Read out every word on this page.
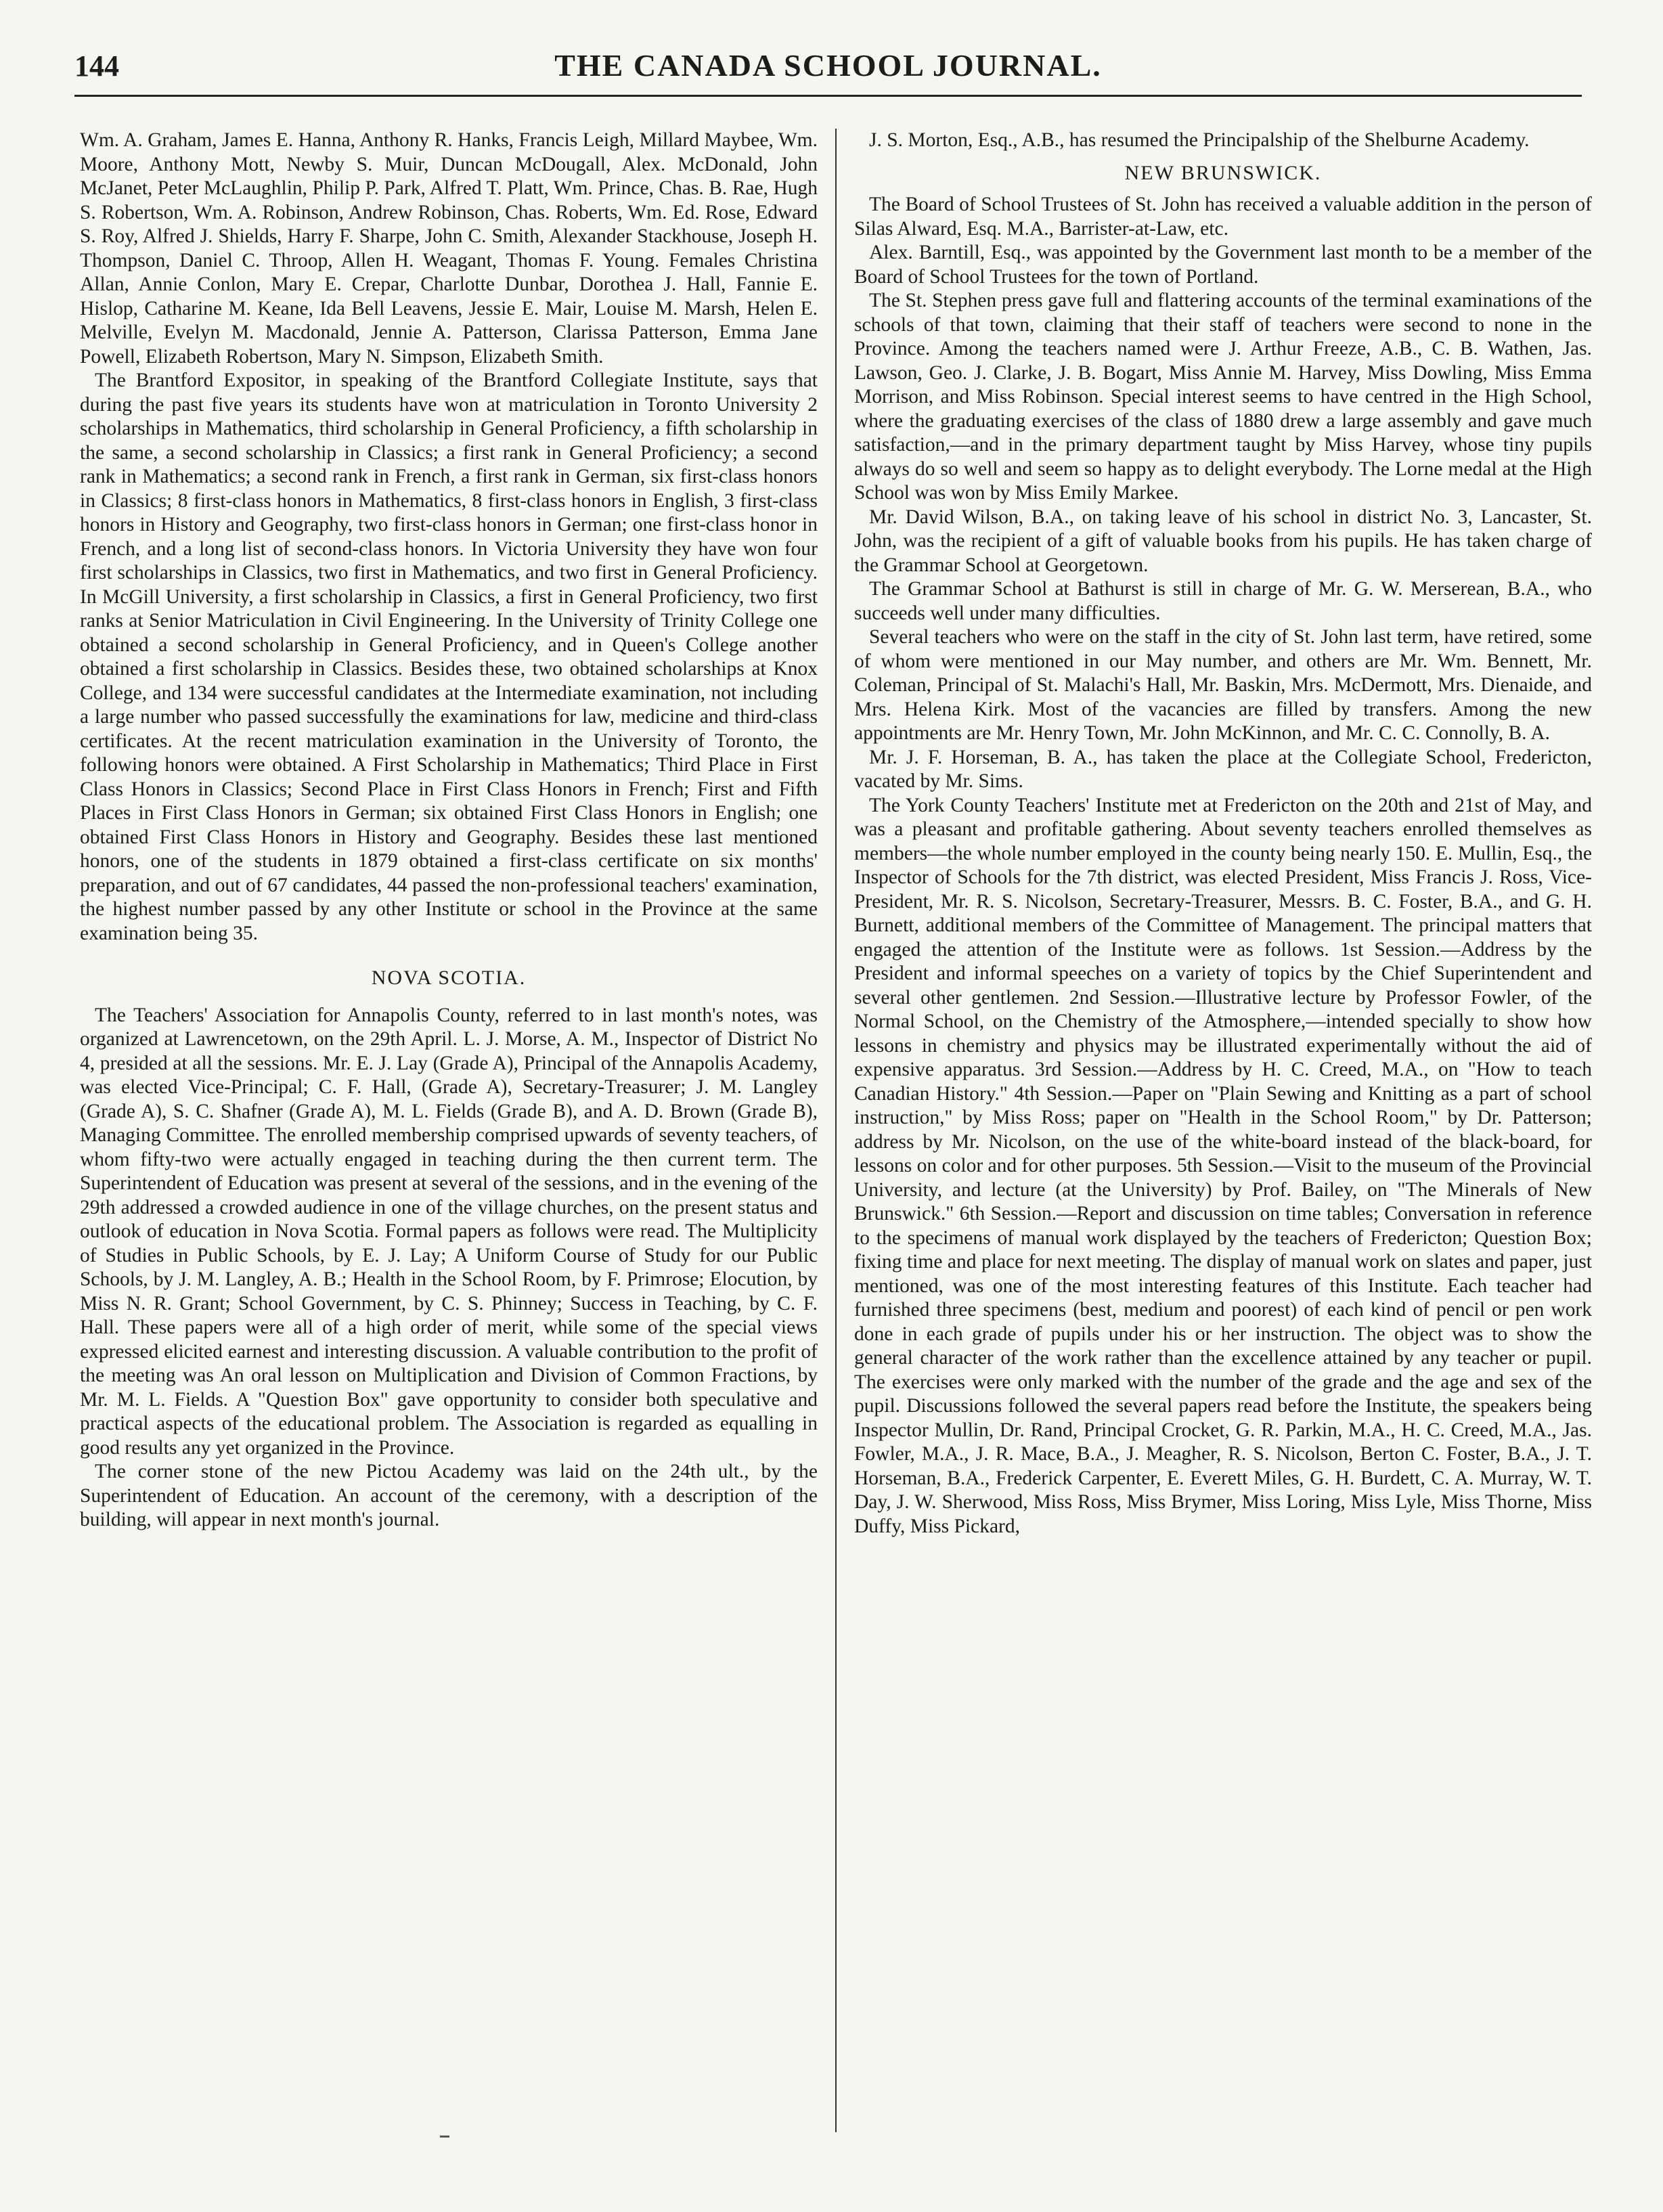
144	THE CANADA SCHOOL JOURNAL.

Wm. A. Graham, James E. Hanna, Anthony R. Hanks, Francis Leigh, Millard Maybee, Wm. Moore, Anthony Mott, Newby S. Muir, Duncan McDougall, Alex. McDonald, John McJanet, Peter McLaughlin, Philip P. Park, Alfred T. Platt, Wm. Prince, Chas. B. Rae, Hugh S. Robertson, Wm. A. Robinson, Andrew Robinson, Chas. Roberts, Wm. Ed. Rose, Edward S. Roy, Alfred J. Shields, Harry F. Sharpe, John C. Smith, Alexander Stackhouse, Joseph H. Thompson, Daniel C. Throop, Allen H. Weagant, Thomas F. Young. Females Christina Allan, Annie Conlon, Mary E. Crepar, Charlotte Dunbar, Dorothea J. Hall, Fannie E. Hislop, Catharine M. Keane, Ida Bell Leavens, Jessie E. Mair, Louise M. Marsh, Helen E. Melville, Evelyn M. Macdonald, Jennie A. Patterson, Clarissa Patterson, Emma Jane Powell, Elizabeth Robertson, Mary N. Simpson, Elizabeth Smith.

The Brantford Expositor, in speaking of the Brantford Collegiate Institute, says that during the past five years its students have won at matriculation in Toronto University 2 scholarships in Mathematics, third scholarship in General Proficiency, a fifth scholarship in the same, a second scholarship in Classics; a first rank in General Proficiency; a second rank in Mathematics; a second rank in French, a first rank in German, six first-class honors in Classics; 8 first-class honors in Mathematics, 8 first-class honors in English, 3 first-class honors in History and Geography, two first-class honors in German; one first-class honor in French, and a long list of second-class honors. In Victoria University they have won four first scholarships in Classics, two first in Mathematics, and two first in General Proficiency. In McGill University, a first scholarship in Classics, a first in General Proficiency, two first ranks at Senior Matriculation in Civil Engineering. In the University of Trinity College one obtained a second scholarship in General Proficiency, and in Queen's College another obtained a first scholarship in Classics. Besides these, two obtained scholarships at Knox College, and 134 were successful candidates at the Intermediate examination, not including a large number who passed successfully the examinations for law, medicine and third-class certificates. At the recent matriculation examination in the University of Toronto, the following honors were obtained. A First Scholarship in Mathematics; Third Place in First Class Honors in Classics; Second Place in First Class Honors in French; First and Fifth Places in First Class Honors in German; six obtained First Class Honors in English; one obtained First Class Honors in History and Geography. Besides these last mentioned honors, one of the students in 1879 obtained a first-class certificate on six months' preparation, and out of 67 candidates, 44 passed the non-professional teachers' examination, the highest number passed by any other Institute or school in the Province at the same examination being 35.

NOVA SCOTIA.

The Teachers' Association for Annapolis County, referred to in last month's notes, was organized at Lawrencetown, on the 29th April. L. J. Morse, A. M., Inspector of District No 4, presided at all the sessions. Mr. E. J. Lay (Grade A), Principal of the Annapolis Academy, was elected Vice-Principal; C. F. Hall, (Grade A), Secretary-Treasurer; J. M. Langley (Grade A), S. C. Shafner (Grade A), M. L. Fields (Grade B), and A. D. Brown (Grade B), Managing Committee. The enrolled membership comprised upwards of seventy teachers, of whom fifty-two were actually engaged in teaching during the then current term. The Superintendent of Education was present at several of the sessions, and in the evening of the 29th addressed a crowded audience in one of the village churches, on the present status and outlook of education in Nova Scotia. Formal papers as follows were read. The Multiplicity of Studies in Public Schools, by E. J. Lay; A Uniform Course of Study for our Public Schools, by J. M. Langley, A. B.; Health in the School Room, by F. Primrose; Elocution, by Miss N. R. Grant; School Government, by C. S. Phinney; Success in Teaching, by C. F. Hall. These papers were all of a high order of merit, while some of the special views expressed elicited earnest and interesting discussion. A valuable contribution to the profit of the meeting was An oral lesson on Multiplication and Division of Common Fractions, by Mr. M. L. Fields. A "Question Box" gave opportunity to consider both speculative and practical aspects of the educational problem. The Association is regarded as equalling in good results any yet organized in the Province.

The corner stone of the new Pictou Academy was laid on the 24th ult., by the Superintendent of Education. An account of the ceremony, with a description of the building, will appear in next month's journal.

J. S. Morton, Esq., A.B., has resumed the Principalship of the Shelburne Academy.

NEW BRUNSWICK.

The Board of School Trustees of St. John has received a valuable addition in the person of Silas Alward, Esq. M.A., Barrister-at-Law, etc.

Alex. Barntill, Esq., was appointed by the Government last month to be a member of the Board of School Trustees for the town of Portland.

The St. Stephen press gave full and flattering accounts of the terminal examinations of the schools of that town, claiming that their staff of teachers were second to none in the Province. Among the teachers named were J. Arthur Freeze, A.B., C. B. Wathen, Jas. Lawson, Geo. J. Clarke, J. B. Bogart, Miss Annie M. Harvey, Miss Dowling, Miss Emma Morrison, and Miss Robinson. Special interest seems to have centred in the High School, where the graduating exercises of the class of 1880 drew a large assembly and gave much satisfaction,—and in the primary department taught by Miss Harvey, whose tiny pupils always do so well and seem so happy as to delight everybody. The Lorne medal at the High School was won by Miss Emily Markee.

Mr. David Wilson, B.A., on taking leave of his school in district No. 3, Lancaster, St. John, was the recipient of a gift of valuable books from his pupils. He has taken charge of the Grammar School at Georgetown.

The Grammar School at Bathurst is still in charge of Mr. G. W. Merserean, B.A., who succeeds well under many difficulties.

Several teachers who were on the staff in the city of St. John last term, have retired, some of whom were mentioned in our May number, and others are Mr. Wm. Bennett, Mr. Coleman, Principal of St. Malachi's Hall, Mr. Baskin, Mrs. McDermott, Mrs. Dienaide, and Mrs. Helena Kirk. Most of the vacancies are filled by transfers. Among the new appointments are Mr. Henry Town, Mr. John McKinnon, and Mr. C. C. Connolly, B. A.

Mr. J. F. Horseman, B. A., has taken the place at the Collegiate School, Fredericton, vacated by Mr. Sims.

The York County Teachers' Institute met at Fredericton on the 20th and 21st of May, and was a pleasant and profitable gathering. About seventy teachers enrolled themselves as members—the whole number employed in the county being nearly 150. E. Mullin, Esq., the Inspector of Schools for the 7th district, was elected President, Miss Francis J. Ross, Vice-President, Mr. R. S. Nicolson, Secretary-Treasurer, Messrs. B. C. Foster, B.A., and G. H. Burnett, additional members of the Committee of Management. The principal matters that engaged the attention of the Institute were as follows. 1st Session.—Address by the President and informal speeches on a variety of topics by the Chief Superintendent and several other gentlemen. 2nd Session.—Illustrative lecture by Professor Fowler, of the Normal School, on the Chemistry of the Atmosphere,—intended specially to show how lessons in chemistry and physics may be illustrated experimentally without the aid of expensive apparatus. 3rd Session.—Address by H. C. Creed, M.A., on "How to teach Canadian History." 4th Session.—Paper on "Plain Sewing and Knitting as a part of school instruction," by Miss Ross; paper on "Health in the School Room," by Dr. Patterson; address by Mr. Nicolson, on the use of the white-board instead of the black-board, for lessons on color and for other purposes. 5th Session.—Visit to the museum of the Provincial University, and lecture (at the University) by Prof. Bailey, on "The Minerals of New Brunswick." 6th Session.—Report and discussion on time tables; Conversation in reference to the specimens of manual work displayed by the teachers of Fredericton; Question Box; fixing time and place for next meeting. The display of manual work on slates and paper, just mentioned, was one of the most interesting features of this Institute. Each teacher had furnished three specimens (best, medium and poorest) of each kind of pencil or pen work done in each grade of pupils under his or her instruction. The object was to show the general character of the work rather than the excellence attained by any teacher or pupil. The exercises were only marked with the number of the grade and the age and sex of the pupil. Discussions followed the several papers read before the Institute, the speakers being Inspector Mullin, Dr. Rand, Principal Crocket, G. R. Parkin, M.A., H. C. Creed, M.A., Jas. Fowler, M.A., J. R. Mace, B.A., J. Meagher, R. S. Nicolson, Berton C. Foster, B.A., J. T. Horseman, B.A., Frederick Carpenter, E. Everett Miles, G. H. Burdett, C. A. Murray, W. T. Day, J. W. Sherwood, Miss Ross, Miss Brymer, Miss Loring, Miss Lyle, Miss Thorne, Miss Duffy, Miss Pickard,
